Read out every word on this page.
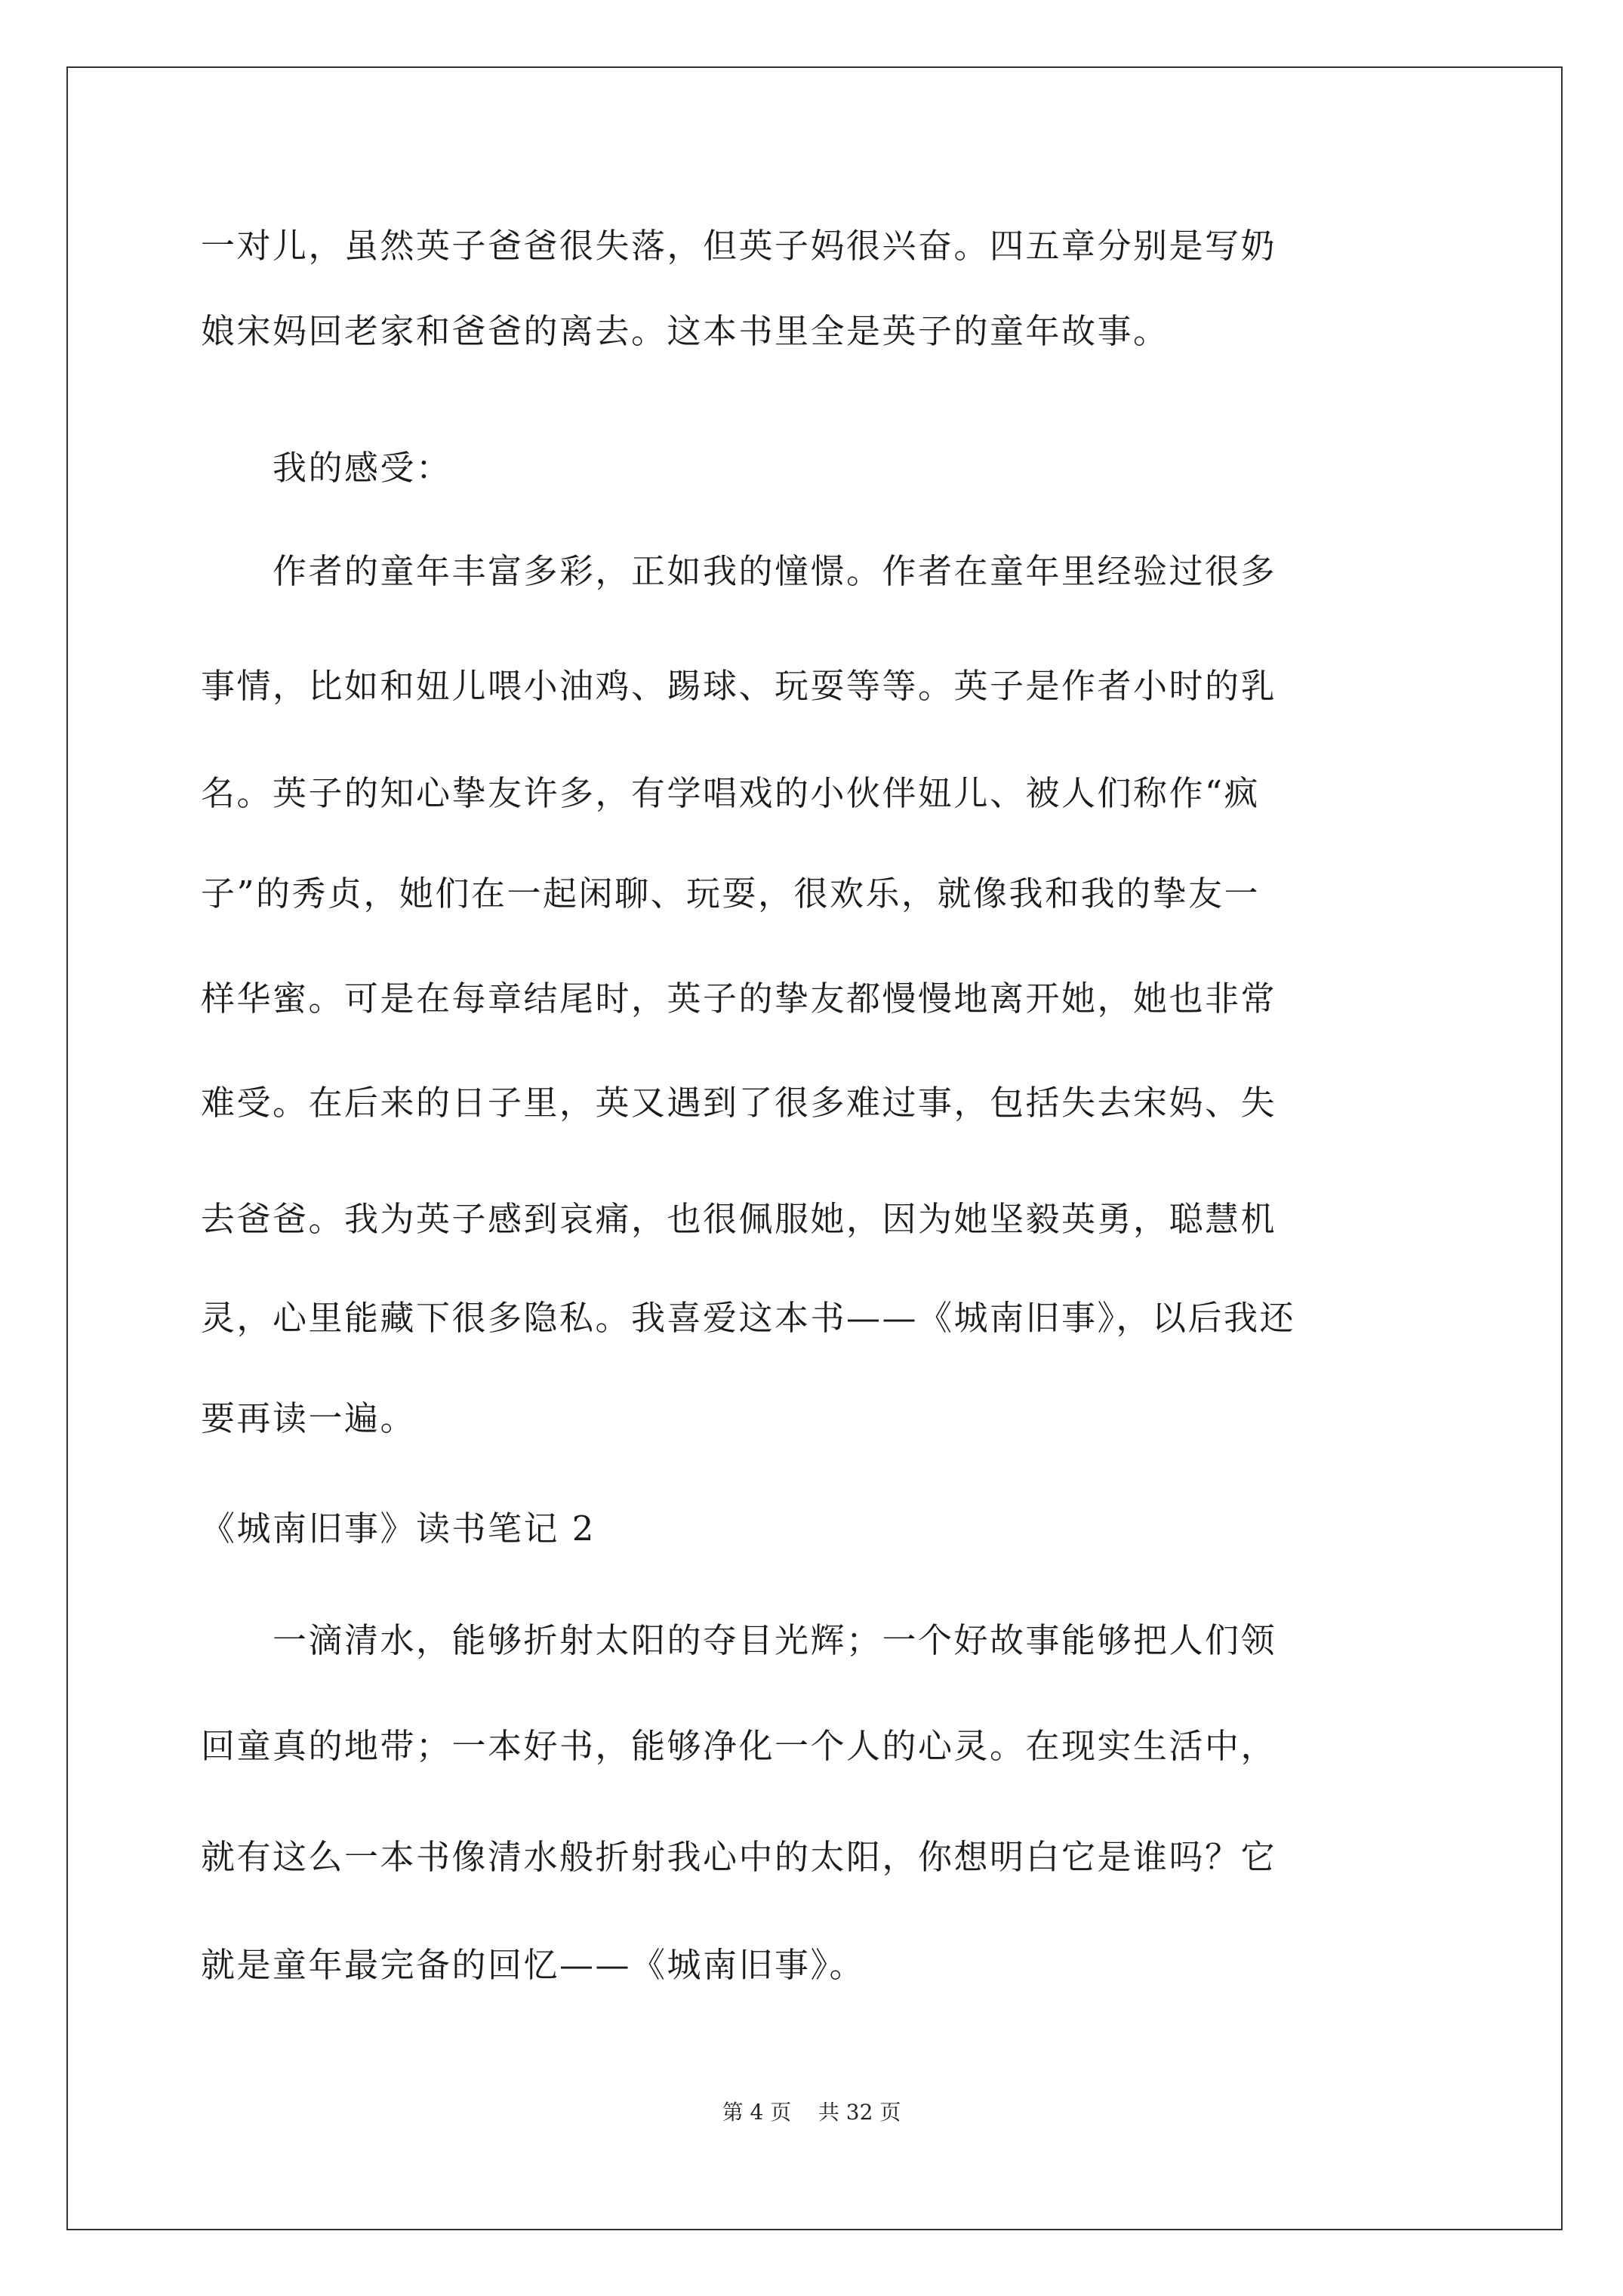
一对儿，虽然英子爸爸很失落，但英子妈很兴奋。四五章分别是写奶
娘宋妈回老家和爸爸的离去。这本书里全是英子的童年故事。
　　我的感受：
　　作者的童年丰富多彩，正如我的憧憬。作者在童年里经验过很多
事情，比如和妞儿喂小油鸡、踢球、玩耍等等。英子是作者小时的乳
名。英子的知心挚友许多，有学唱戏的小伙伴妞儿、被人们称作“疯
子”的秀贞，她们在一起闲聊、玩耍，很欢乐，就像我和我的挚友一
样华蜜。可是在每章结尾时，英子的挚友都慢慢地离开她，她也非常
难受。在后来的日子里，英又遇到了很多难过事，包括失去宋妈、失
去爸爸。我为英子感到哀痛，也很佩服她，因为她坚毅英勇，聪慧机
灵，心里能藏下很多隐私。我喜爱这本书——《城南旧事》，以后我还
要再读一遍。
《城南旧事》读书笔记 2
　　一滴清水，能够折射太阳的夺目光辉；一个好故事能够把人们领
回童真的地带；一本好书，能够净化一个人的心灵。在现实生活中，
就有这么一本书像清水般折射我心中的太阳，你想明白它是谁吗？它
就是童年最完备的回忆——《城南旧事》。
第 4 页 共 32 页
